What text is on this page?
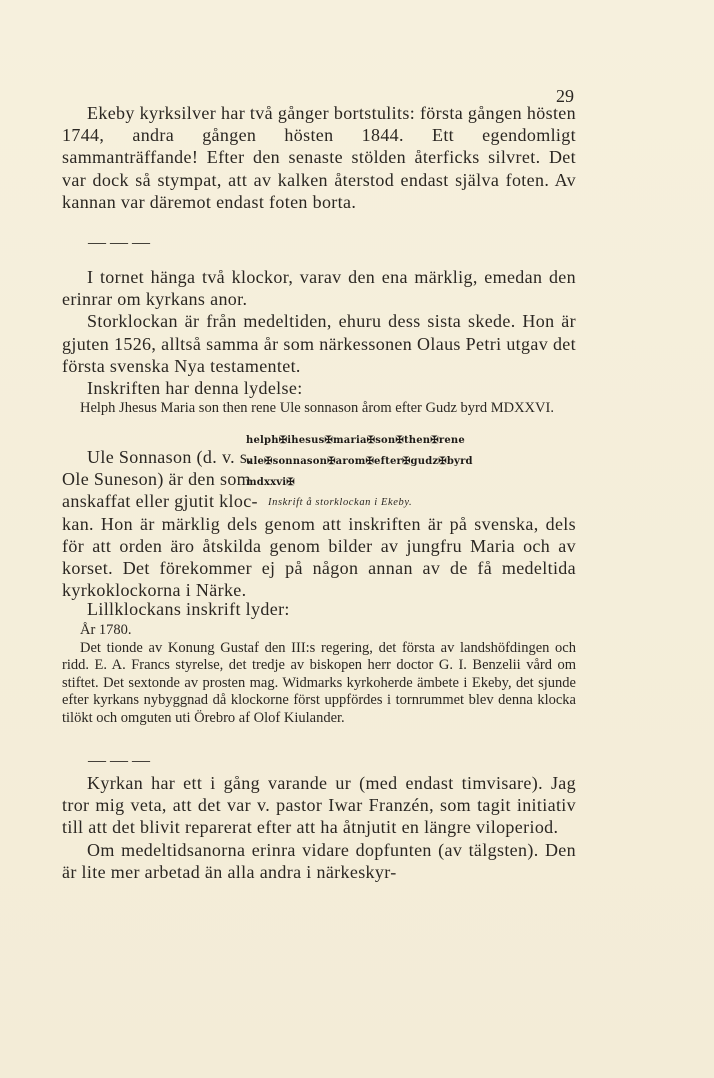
29

Ekeby kyrksilver har två gånger bortstulits: första gången hösten 1744, andra gången hösten 1844. Ett egendomligt sammanträffande! Efter den senaste stölden återficks silvret. Det var dock så stympat, att av kalken återstod endast själva foten. Av kannan var däremot endast foten borta.

———

I tornet hänga två klockor, varav den ena märklig, emedan den erinrar om kyrkans anor.

Storklockan är från medeltiden, ehuru dess sista skede. Hon är gjuten 1526, alltså samma år som närkessonen Olaus Petri utgav det första svenska Nya testamentet.

Inskriften har denna lydelse:

Helph Jhesus Maria son then rene Ule sonnason årom efter Gudz byrd MDXXVI.

Ule Sonnason (d. v. s.

Ole Suneson) är den som

anskaffat eller gjutit kloc-

kan. Hon är märklig dels genom att inskriften är på svenska, dels för att orden äro åtskilda genom bilder av jungfru Maria och av korset. Det förekommer ej på någon annan av de få medeltida kyrkoklockorna i Närke.

helph✠ihesus✠maria✠son✠then✠rene
ule✠sonnason✠arom✠efter✠gudz✠byrd
mdxxvi✠
Inskrift å storklockan i Ekeby.

Lillklockans inskrift lyder:

År 1780.

Det tionde av Konung Gustaf den III:s regering, det första av landshöfdingen och ridd. E. A. Francs styrelse, det tredje av biskopen herr doctor G. I. Benzelii vård om stiftet. Det sextonde av prosten mag. Widmarks kyrkoherde ämbete i Ekeby, det sjunde efter kyrkans nybyggnad då klockorne först uppfördes i tornrummet blev denna klocka tilökt och omguten uti Örebro af Olof Kiulander.

———

Kyrkan har ett i gång varande ur (med endast timvisare). Jag tror mig veta, att det var v. pastor Iwar Franzén, som tagit initiativ till att det blivit reparerat efter att ha åtnjutit en längre viloperiod.

Om medeltidsanorna erinra vidare dopfunten (av tälgsten). Den är lite mer arbetad än alla andra i närkeskyr-
